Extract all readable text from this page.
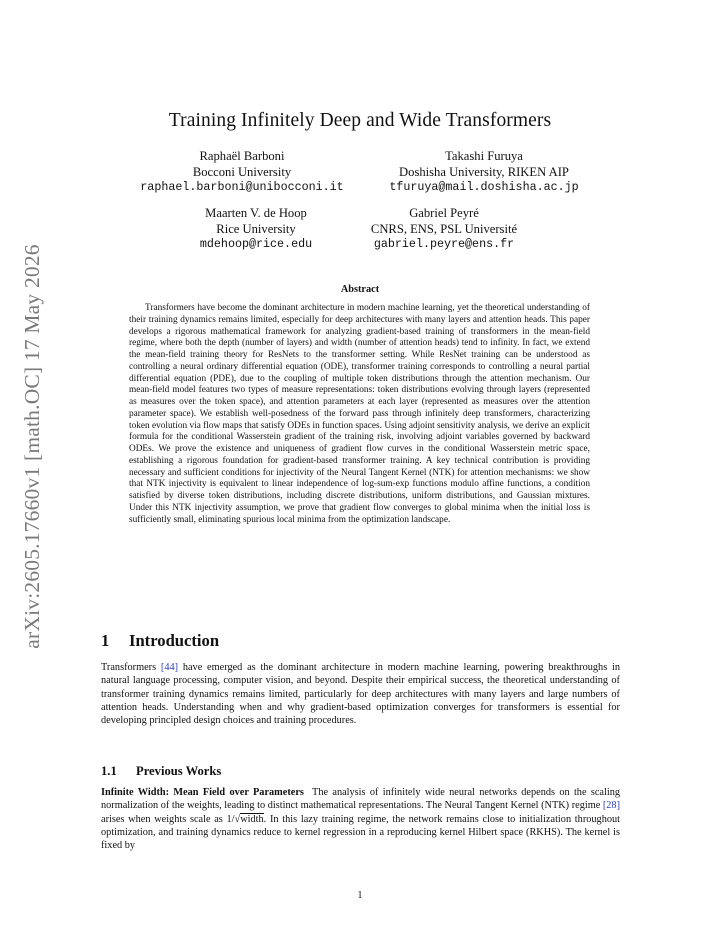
arXiv:2605.17660v1 [math.OC] 17 May 2026
Training Infinitely Deep and Wide Transformers
Raphaël Barboni
Bocconi University
raphael.barboni@unibocconi.it
Takashi Furuya
Doshisha University, RIKEN AIP
tfuruya@mail.doshisha.ac.jp
Maarten V. de Hoop
Rice University
mdehoop@rice.edu
Gabriel Peyré
CNRS, ENS, PSL Université
gabriel.peyre@ens.fr
Abstract

Transformers have become the dominant architecture in modern machine learning, yet the theoretical understanding of their training dynamics remains limited, especially for deep architectures with many layers and attention heads. This paper develops a rigorous mathematical framework for analyzing gradient-based training of transformers in the mean-field regime, where both the depth (number of layers) and width (number of attention heads) tend to infinity. In fact, we extend the mean-field training theory for ResNets to the transformer setting. While ResNet training can be understood as controlling a neural ordinary differential equation (ODE), transformer training corresponds to controlling a neural partial differential equation (PDE), due to the coupling of multiple token distributions through the attention mechanism. Our mean-field model features two types of measure representations: token distributions evolving through layers (represented as measures over the token space), and attention parameters at each layer (represented as measures over the attention parameter space). We establish well-posedness of the forward pass through infinitely deep transformers, characterizing token evolution via flow maps that satisfy ODEs in function spaces. Using adjoint sensitivity analysis, we derive an explicit formula for the conditional Wasserstein gradient of the training risk, involving adjoint variables governed by backward ODEs. We prove the existence and uniqueness of gradient flow curves in the conditional Wasserstein metric space, establishing a rigorous foundation for gradient-based transformer training. A key technical contribution is providing necessary and sufficient conditions for injectivity of the Neural Tangent Kernel (NTK) for attention mechanisms: we show that NTK injectivity is equivalent to linear independence of log-sum-exp functions modulo affine functions, a condition satisfied by diverse token distributions, including discrete distributions, uniform distributions, and Gaussian mixtures. Under this NTK injectivity assumption, we prove that gradient flow converges to global minima when the initial loss is sufficiently small, eliminating spurious local minima from the optimization landscape.

1 Introduction

Transformers [44] have emerged as the dominant architecture in modern machine learning, powering breakthroughs in natural language processing, computer vision, and beyond. Despite their empirical success, the theoretical understanding of transformer training dynamics remains limited, particularly for deep architectures with many layers and large numbers of attention heads. Understanding when and why gradient-based optimization converges for transformers is essential for developing principled design choices and training procedures.

1.1 Previous Works

Infinite Width: Mean Field over Parameters The analysis of infinitely wide neural networks depends on the scaling normalization of the weights, leading to distinct mathematical representations. The Neural Tangent Kernel (NTK) regime [28] arises when weights scale as 1/√width. In this lazy training regime, the network remains close to initialization throughout optimization, and training dynamics reduce to kernel regression in a reproducing kernel Hilbert space (RKHS). The kernel is fixed by

1
